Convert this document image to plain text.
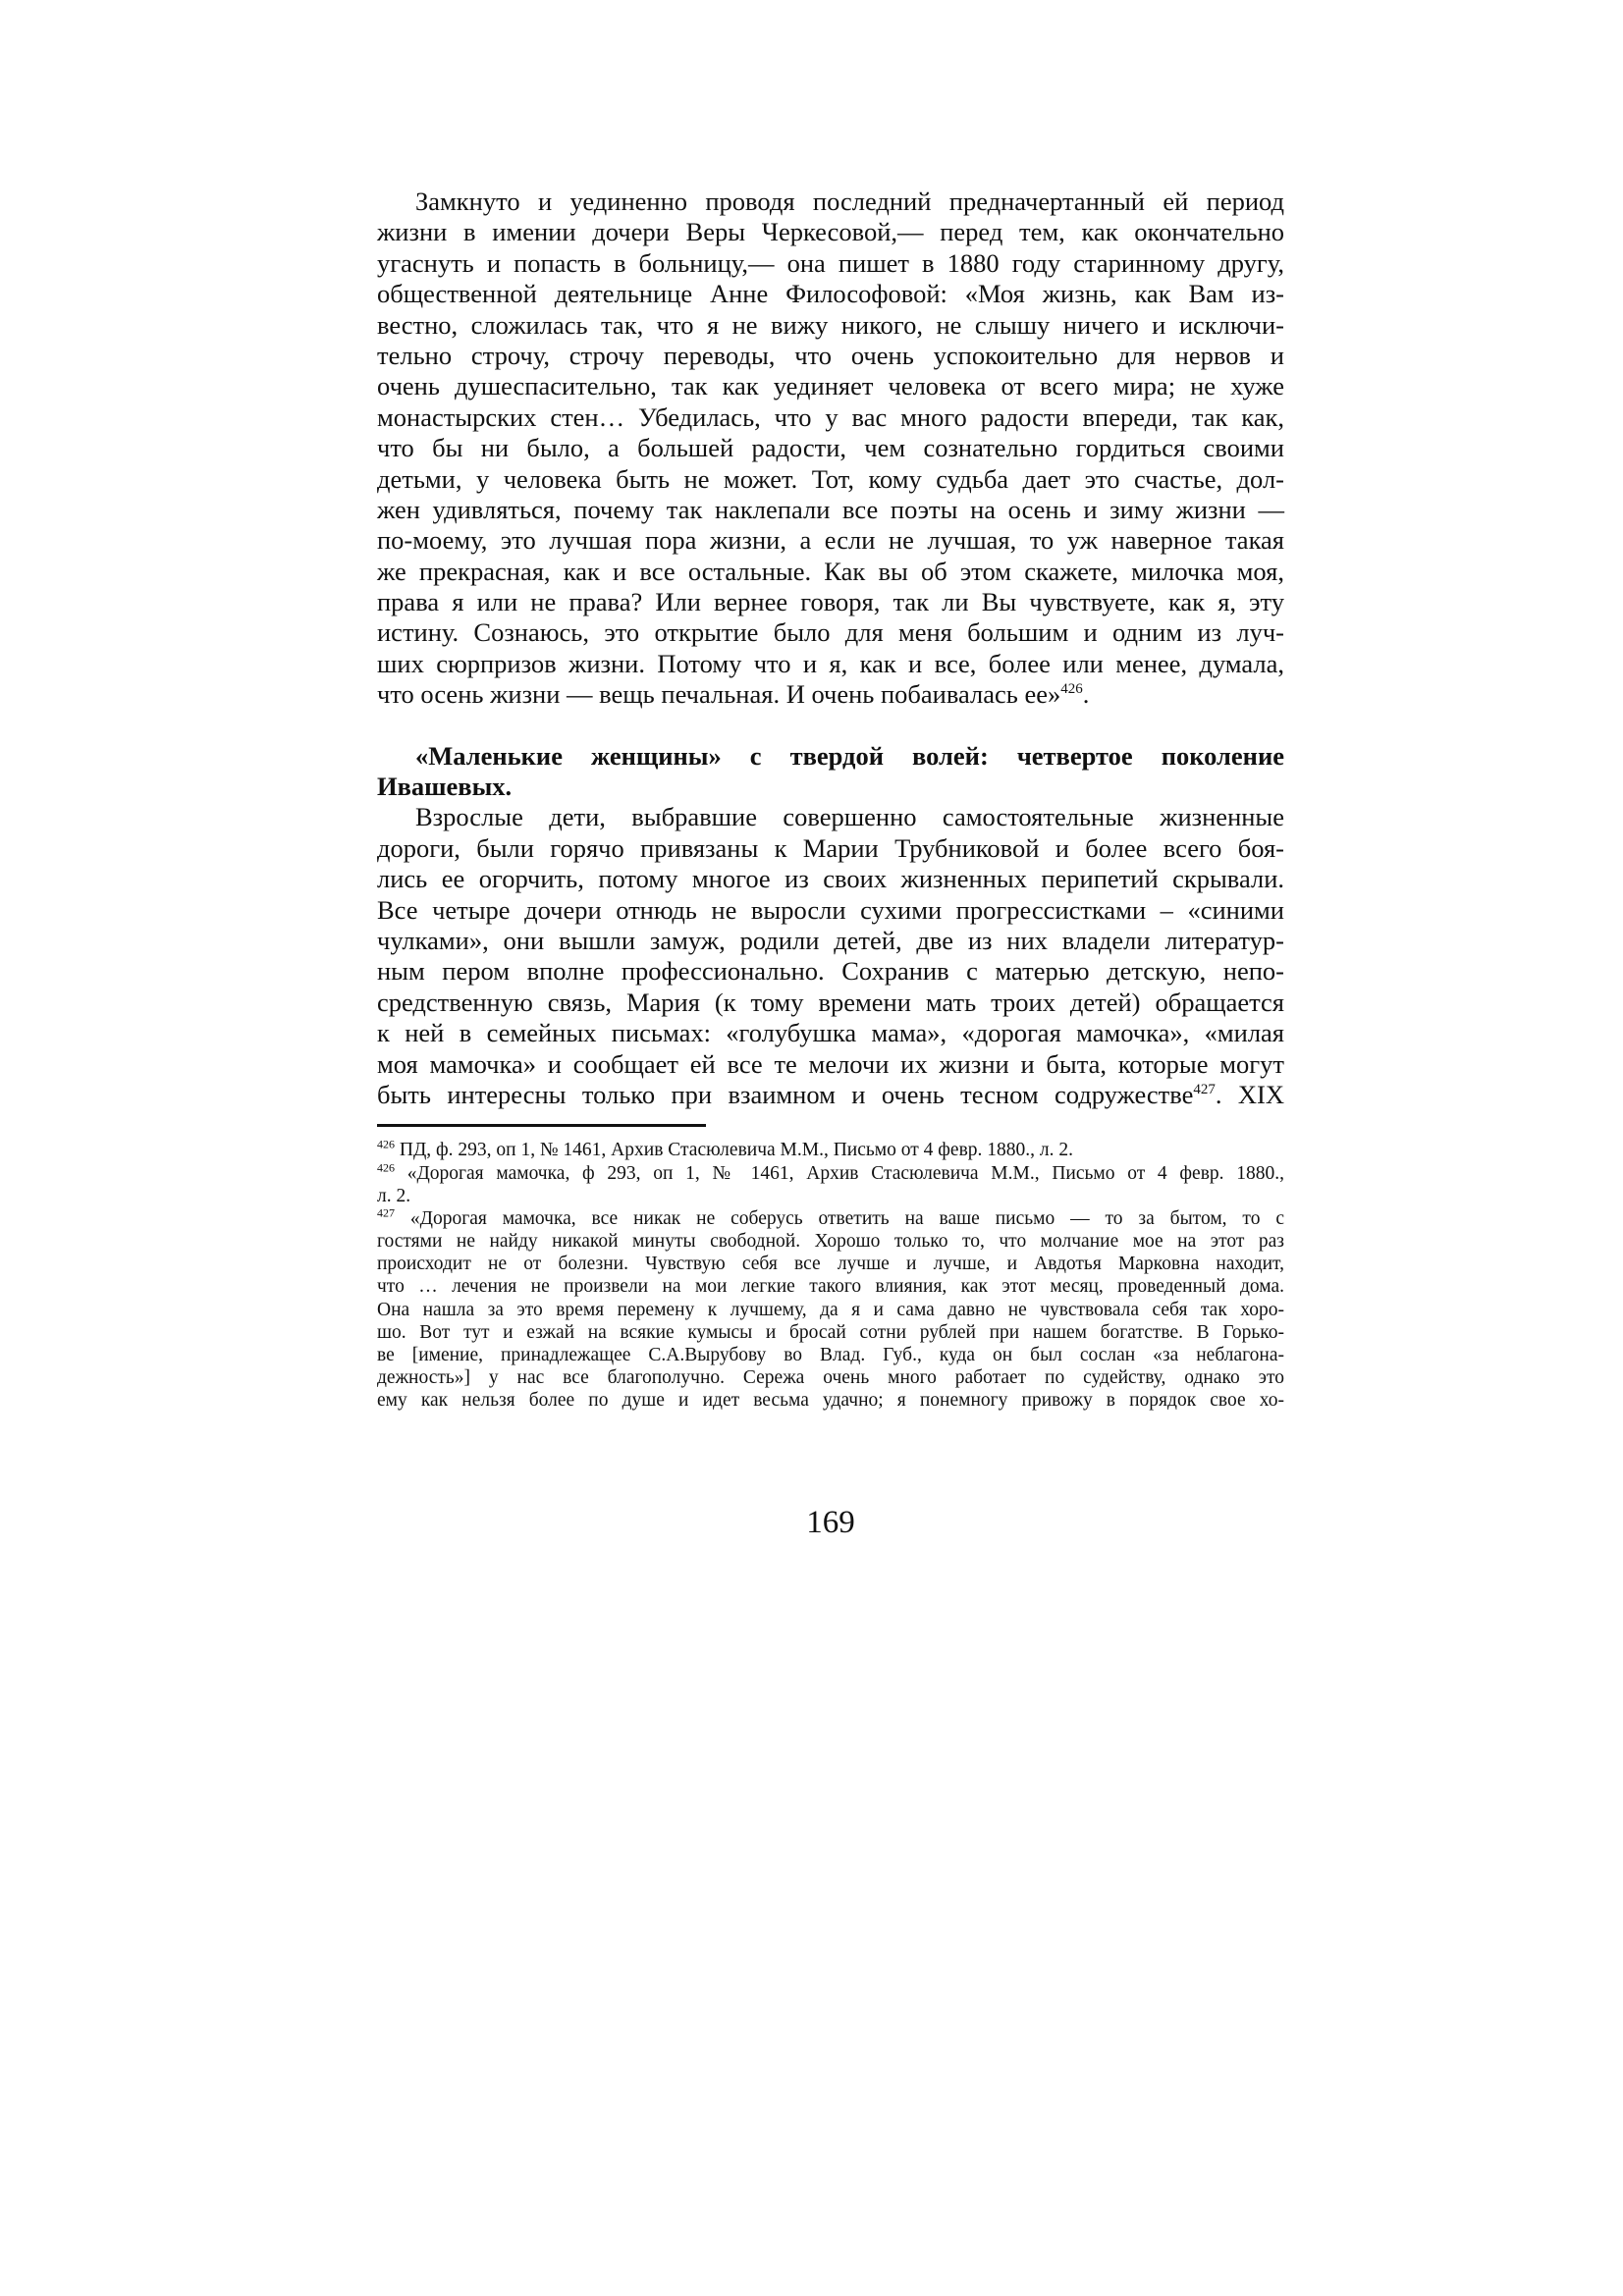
Замкнуто и уединенно проводя последний предначертанный ей период
жизни в имении дочери Веры Черкесовой,— перед тем, как окончательно
угаснуть и попасть в больницу,— она пишет в 1880 году старинному другу,
общественной деятельнице Анне Философовой: «Моя жизнь, как Вам из-
вестно, сложилась так, что я не вижу никого, не слышу ничего и исключи-
тельно строчу, строчу переводы, что очень успокоительно для нервов и
очень душеспасительно, так как уединяет человека от всего мира; не хуже
монастырских стен… Убедилась, что у вас много радости впереди, так как,
что бы ни было, а большей радости, чем сознательно гордиться своими
детьми, у человека быть не может. Тот, кому судьба дает это счастье, дол-
жен удивляться, почему так наклепали все поэты на осень и зиму жизни —
по-моему, это лучшая пора жизни, а если не лучшая, то уж наверное такая
же прекрасная, как и все остальные. Как вы об этом скажете, милочка моя,
права я или не права? Или вернее говоря, так ли Вы чувствуете, как я, эту
истину. Сознаюсь, это открытие было для меня большим и одним из луч-
ших сюрпризов жизни. Потому что и я, как и все, более или менее, думала,
что осень жизни — вещь печальная. И очень побаивалась ее»$^{426}$.
«Маленькие женщины» с твердой волей: четвертое поколение
Ивашевых.
Взрослые дети, выбравшие совершенно самостоятельные жизненные
дороги, были горячо привязаны к Марии Трубниковой и более всего боя-
лись ее огорчить, потому многое из своих жизненных перипетий скрывали.
Все четыре дочери отнюдь не выросли сухими прогрессистками – «синими
чулками», они вышли замуж, родили детей, две из них владели литератур-
ным пером вполне профессионально. Сохранив с матерью детскую, непо-
средственную связь, Мария (к тому времени мать троих детей) обращается
к ней в семейных письмах: «голубушка мама», «дорогая мамочка», «милая
моя мамочка» и сообщает ей все те мелочи их жизни и быта, которые могут
быть интересны только при взаимном и очень тесном содружестве$^{427}$. XIX
$^{426}$ ПД, ф. 293, оп 1, № 1461, Архив Стасюлевича М.М., Письмо от 4 февр. 1880., л. 2.
$^{426}$ «Дорогая мамочка, ф 293, оп 1, № 1461, Архив Стасюлевича М.М., Письмо от 4 февр. 1880.,
л. 2.
$^{427}$ «Дорогая мамочка, все никак не соберусь ответить на ваше письмо — то за бытом, то с
гостями не найду никакой минуты свободной. Хорошо только то, что молчание мое на этот раз
происходит не от болезни. Чувствую себя все лучше и лучше, и Авдотья Марковна находит,
что … лечения не произвели на мои легкие такого влияния, как этот месяц, проведенный дома.
Она нашла за это время перемену к лучшему, да я и сама давно не чувствовала себя так хоро-
шо. Вот тут и езжай на всякие кумысы и бросай сотни рублей при нашем богатстве. В Горько-
ве [имение, принадлежащее С.А.Вырубову во Влад. Губ., куда он был сослан «за неблагона-
дежность»] у нас все благополучно. Сережа очень много работает по судейству, однако это
ему как нельзя более по душе и идет весьма удачно; я понемногу привожу в порядок свое хо-
169
